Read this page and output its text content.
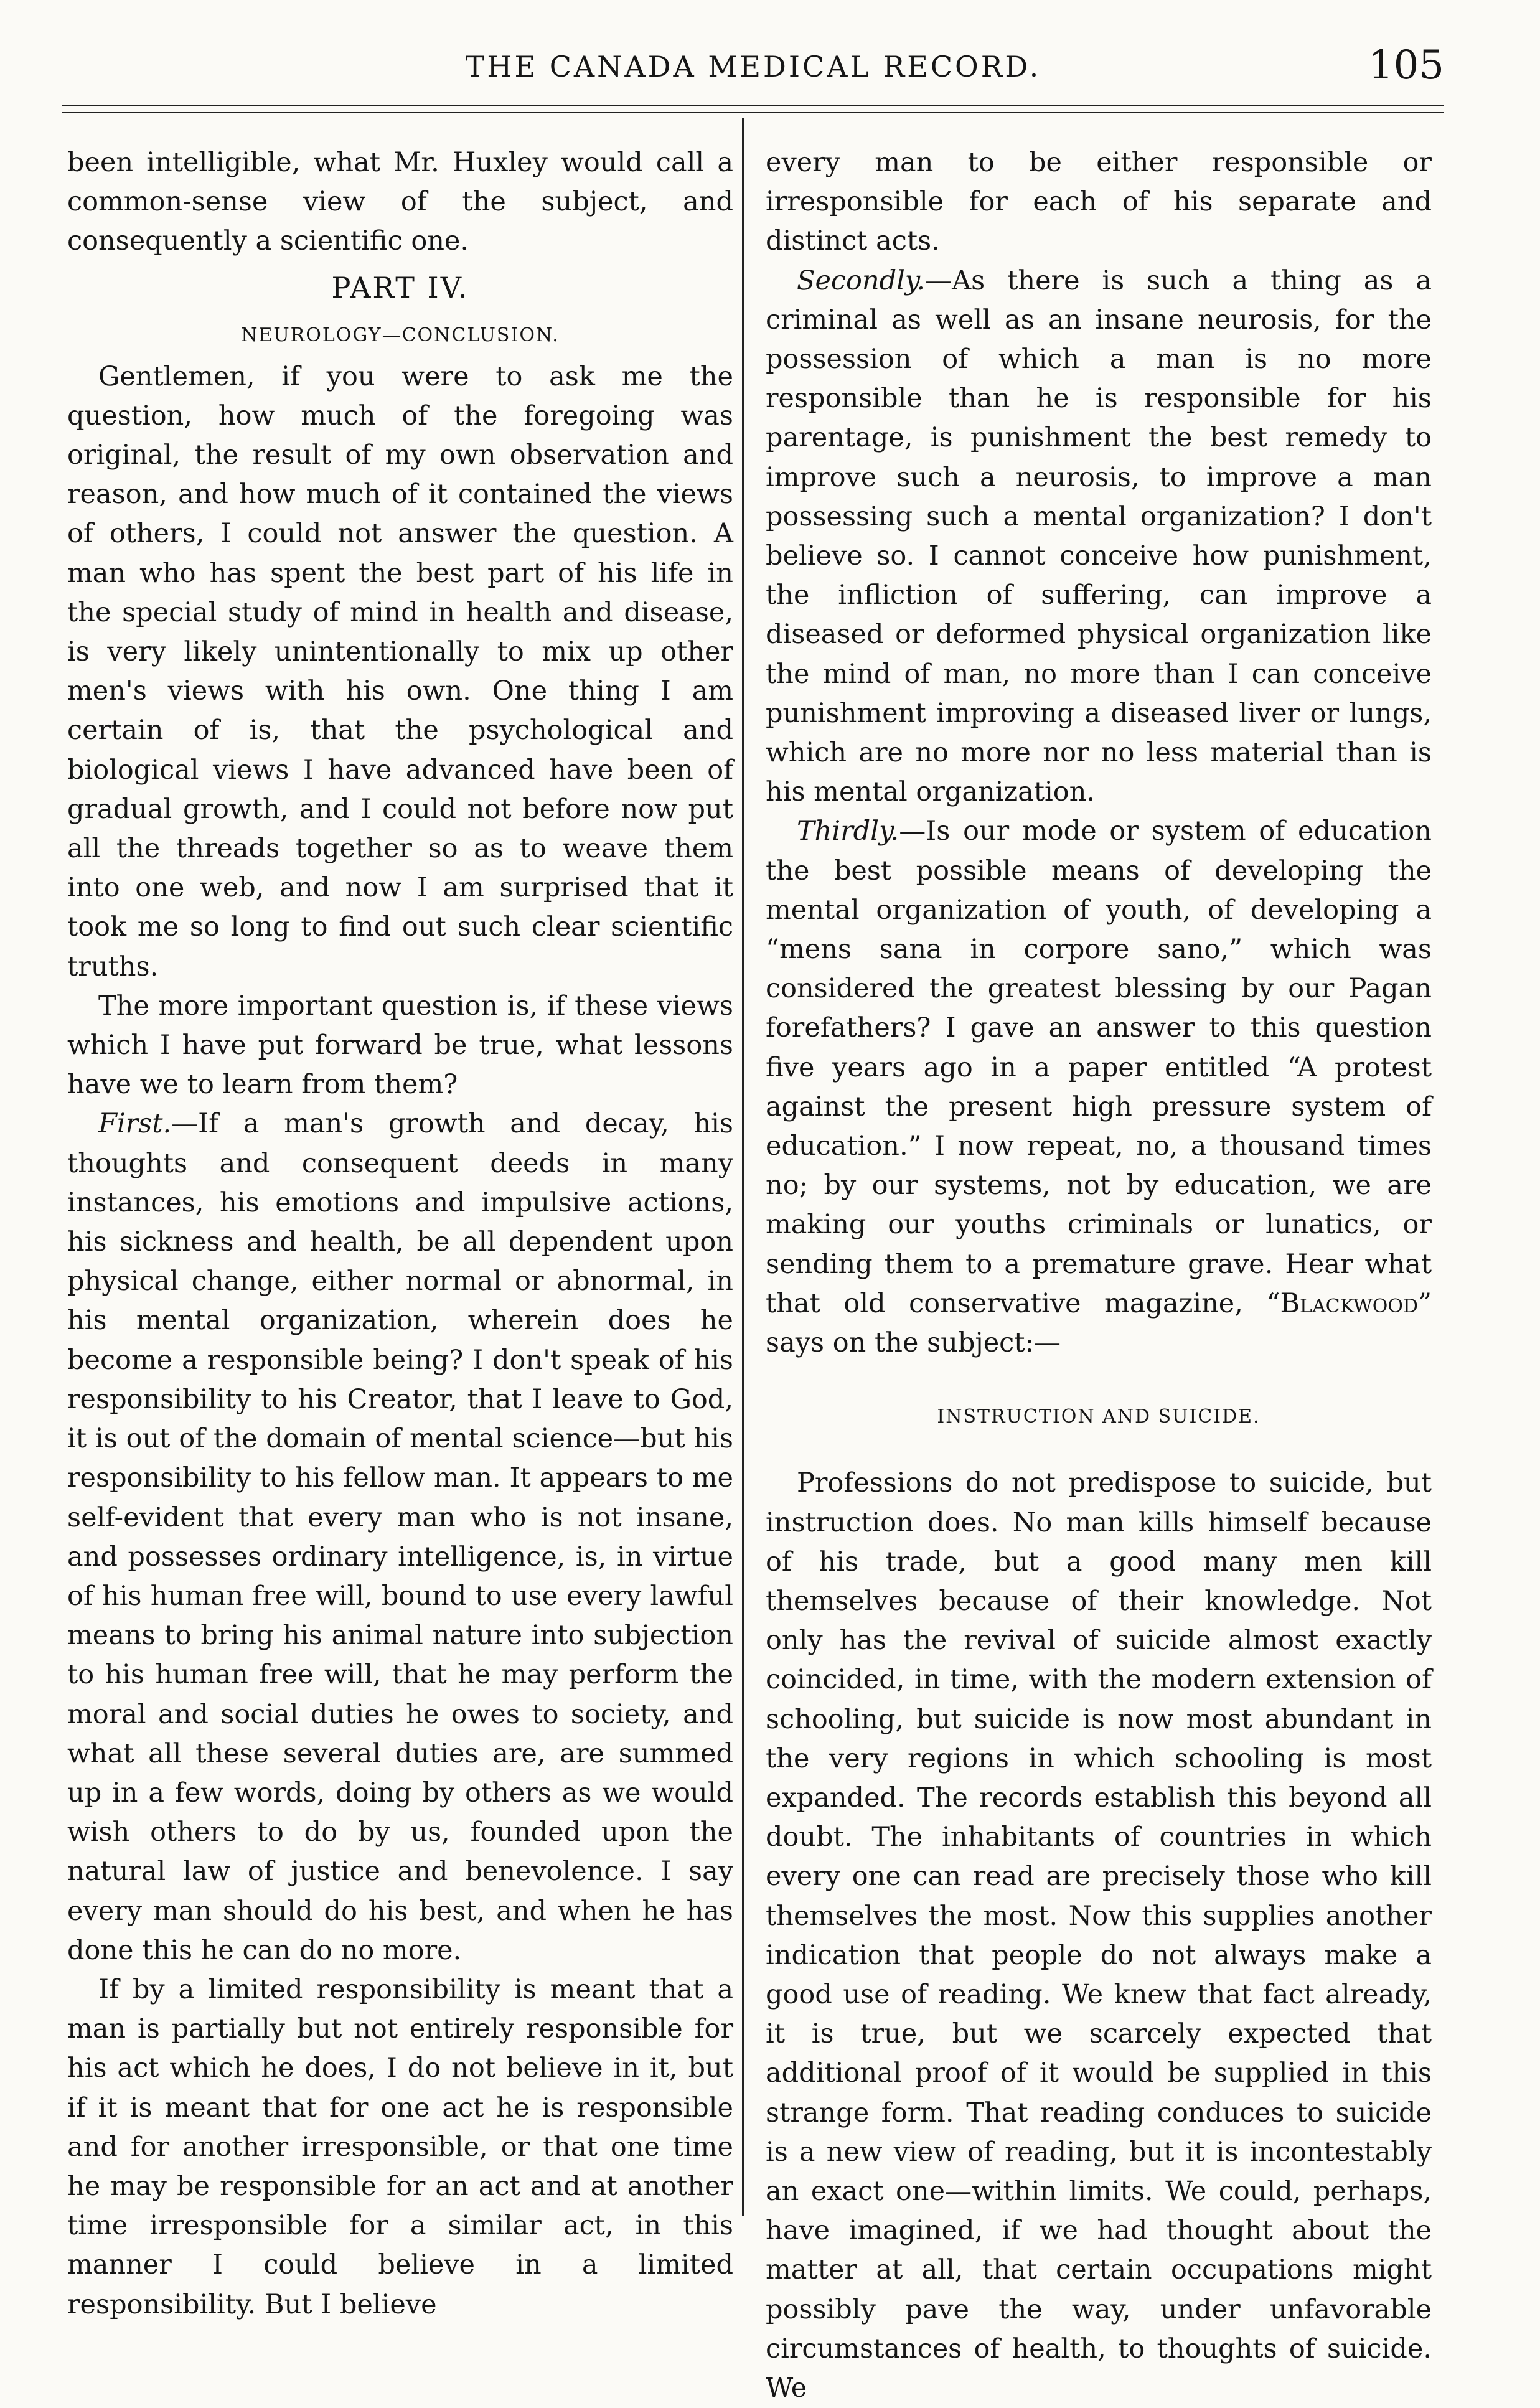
THE CANADA MEDICAL RECORD.	105

been intelligible, what Mr. Huxley would call a common-sense view of the subject, and consequently a scientific one.

PART IV.

NEUROLOGY—CONCLUSION.

Gentlemen, if you were to ask me the question, how much of the foregoing was original, the result of my own observation and reason, and how much of it contained the views of others, I could not answer the question. A man who has spent the best part of his life in the special study of mind in health and disease, is very likely unintentionally to mix up other men's views with his own. One thing I am certain of is, that the psychological and biological views I have advanced have been of gradual growth, and I could not before now put all the threads together so as to weave them into one web, and now I am surprised that it took me so long to find out such clear scientific truths.

The more important question is, if these views which I have put forward be true, what lessons have we to learn from them?

First.—If a man's growth and decay, his thoughts and consequent deeds in many instances, his emotions and impulsive actions, his sickness and health, be all dependent upon physical change, either normal or abnormal, in his mental organization, wherein does he become a responsible being? I don't speak of his responsibility to his Creator, that I leave to God, it is out of the domain of mental science—but his responsibility to his fellow man. It appears to me self-evident that every man who is not insane, and possesses ordinary intelligence, is, in virtue of his human free will, bound to use every lawful means to bring his animal nature into subjection to his human free will, that he may perform the moral and social duties he owes to society, and what all these several duties are, are summed up in a few words, doing by others as we would wish others to do by us, founded upon the natural law of justice and benevolence. I say every man should do his best, and when he has done this he can do no more.

If by a limited responsibility is meant that a man is partially but not entirely responsible for his act which he does, I do not believe in it, but if it is meant that for one act he is responsible and for another irresponsible, or that one time he may be responsible for an act and at another time irresponsible for a similar act, in this manner I could believe in a limited responsibility. But I believe

every man to be either responsible or irresponsible for each of his separate and distinct acts.

Secondly.—As there is such a thing as a criminal as well as an insane neurosis, for the possession of which a man is no more responsible than he is responsible for his parentage, is punishment the best remedy to improve such a neurosis, to improve a man possessing such a mental organization? I don't believe so. I cannot conceive how punishment, the infliction of suffering, can improve a diseased or deformed physical organization like the mind of man, no more than I can conceive punishment improving a diseased liver or lungs, which are no more nor no less material than is his mental organization.

Thirdly.—Is our mode or system of education the best possible means of developing the mental organization of youth, of developing a “mens sana in corpore sano,” which was considered the greatest blessing by our Pagan forefathers? I gave an answer to this question five years ago in a paper entitled “A protest against the present high pressure system of education.” I now repeat, no, a thousand times no; by our systems, not by education, we are making our youths criminals or lunatics, or sending them to a premature grave. Hear what that old conservative magazine, “Blackwood” says on the subject:—

INSTRUCTION AND SUICIDE.

Professions do not predispose to suicide, but instruction does. No man kills himself because of his trade, but a good many men kill themselves because of their knowledge. Not only has the revival of suicide almost exactly coincided, in time, with the modern extension of schooling, but suicide is now most abundant in the very regions in which schooling is most expanded. The records establish this beyond all doubt. The inhabitants of countries in which every one can read are precisely those who kill themselves the most. Now this supplies another indication that people do not always make a good use of reading. We knew that fact already, it is true, but we scarcely expected that additional proof of it would be supplied in this strange form. That reading conduces to suicide is a new view of reading, but it is incontestably an exact one—within limits. We could, perhaps, have imagined, if we had thought about the matter at all, that certain occupations might possibly pave the way, under unfavorable circumstances of health, to thoughts of suicide. We
